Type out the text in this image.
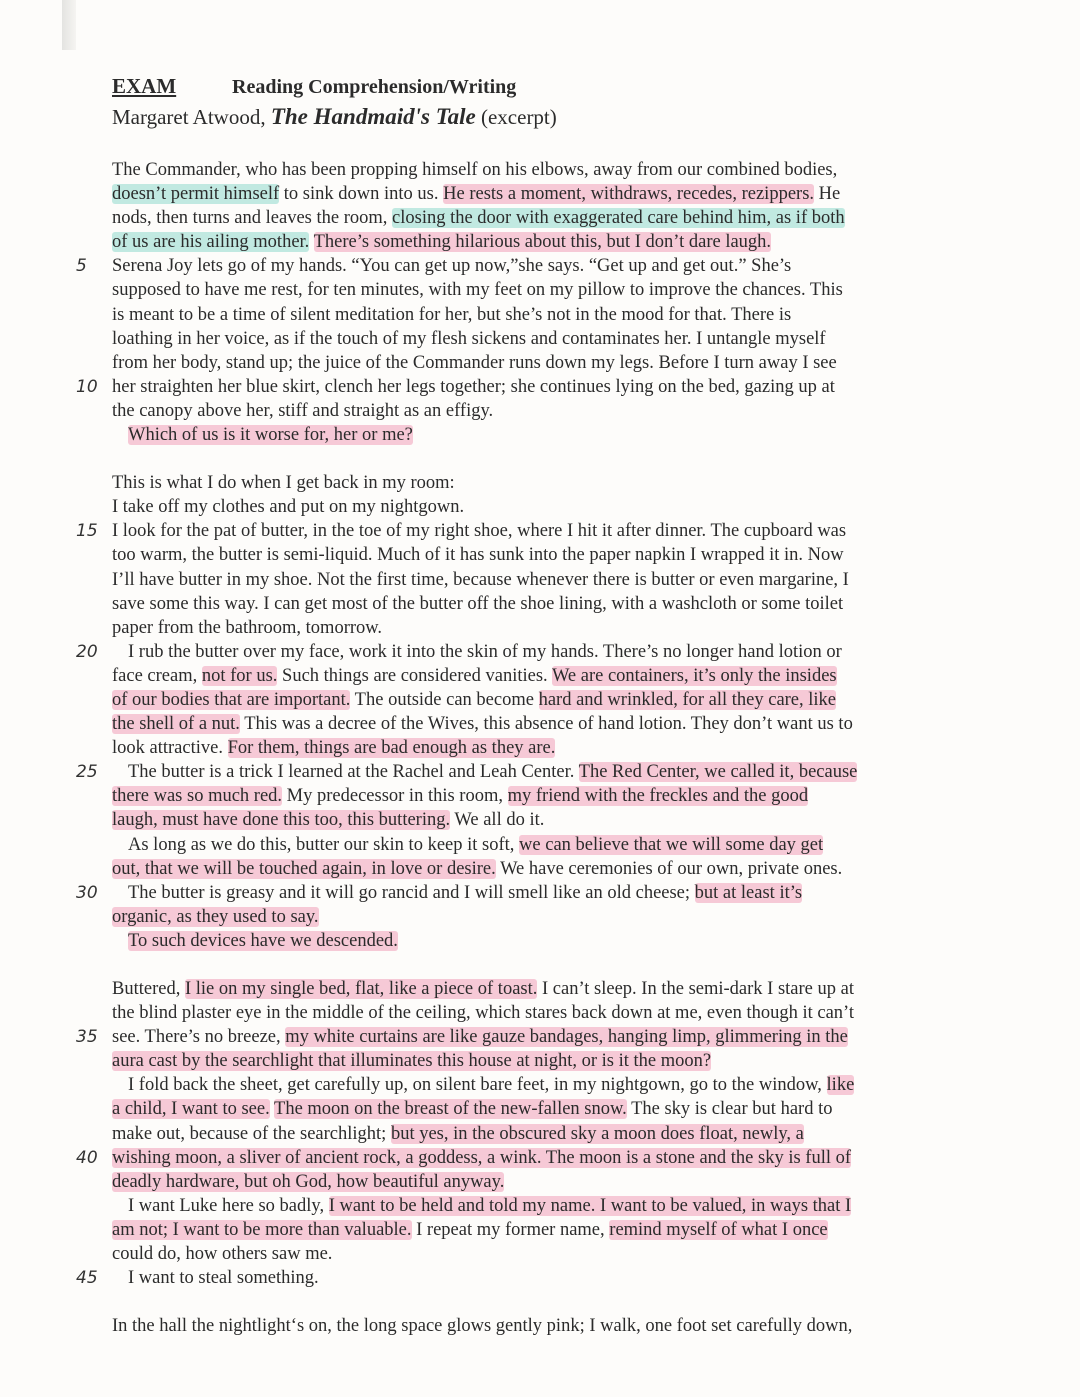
EXAM	Reading Comprehension/Writing
Margaret Atwood, The Handmaid's Tale (excerpt)
The Commander, who has been propping himself on his elbows, away from our combined bodies,
doesn’t permit himself to sink down into us. He rests a moment, withdraws, recedes, rezippers. He
nods, then turns and leaves the room, closing the door with exaggerated care behind him, as if both
of us are his ailing mother. There’s something hilarious about this, but I don’t dare laugh.
5 Serena Joy lets go of my hands. “You can get up now,”she says. “Get up and get out.” She’s
supposed to have me rest, for ten minutes, with my feet on my pillow to improve the chances. This
is meant to be a time of silent meditation for her, but she’s not in the mood for that. There is
loathing in her voice, as if the touch of my flesh sickens and contaminates her. I untangle myself
from her body, stand up; the juice of the Commander runs down my legs. Before I turn away I see
10 her straighten her blue skirt, clench her legs together; she continues lying on the bed, gazing up at
the canopy above her, stiff and straight as an effigy.
Which of us is it worse for, her or me?
This is what I do when I get back in my room:
I take off my clothes and put on my nightgown.
15 I look for the pat of butter, in the toe of my right shoe, where I hit it after dinner. The cupboard was
too warm, the butter is semi-liquid. Much of it has sunk into the paper napkin I wrapped it in. Now
I’ll have butter in my shoe. Not the first time, because whenever there is butter or even margarine, I
save some this way. I can get most of the butter off the shoe lining, with a washcloth or some toilet
paper from the bathroom, tomorrow.
20 I rub the butter over my face, work it into the skin of my hands. There’s no longer hand lotion or
face cream, not for us. Such things are considered vanities. We are containers, it’s only the insides
of our bodies that are important. The outside can become hard and wrinkled, for all they care, like
the shell of a nut. This was a decree of the Wives, this absence of hand lotion. They don’t want us to
look attractive. For them, things are bad enough as they are.
25 The butter is a trick I learned at the Rachel and Leah Center. The Red Center, we called it, because
there was so much red. My predecessor in this room, my friend with the freckles and the good
laugh, must have done this too, this buttering. We all do it.
As long as we do this, butter our skin to keep it soft, we can believe that we will some day get
out, that we will be touched again, in love or desire. We have ceremonies of our own, private ones.
30 The butter is greasy and it will go rancid and I will smell like an old cheese; but at least it’s
organic, as they used to say.
To such devices have we descended.
Buttered, I lie on my single bed, flat, like a piece of toast. I can’t sleep. In the semi-dark I stare up at
the blind plaster eye in the middle of the ceiling, which stares back down at me, even though it can’t
35 see. There’s no breeze, my white curtains are like gauze bandages, hanging limp, glimmering in the
aura cast by the searchlight that illuminates this house at night, or is it the moon?
I fold back the sheet, get carefully up, on silent bare feet, in my nightgown, go to the window, like
a child, I want to see. The moon on the breast of the new-fallen snow. The sky is clear but hard to
make out, because of the searchlight; but yes, in the obscured sky a moon does float, newly, a
40 wishing moon, a sliver of ancient rock, a goddess, a wink. The moon is a stone and the sky is full of
deadly hardware, but oh God, how beautiful anyway.
I want Luke here so badly, I want to be held and told my name. I want to be valued, in ways that I
am not; I want to be more than valuable. I repeat my former name, remind myself of what I once
could do, how others saw me.
45 I want to steal something.
In the hall the nightlight‘s on, the long space glows gently pink; I walk, one foot set carefully down,
